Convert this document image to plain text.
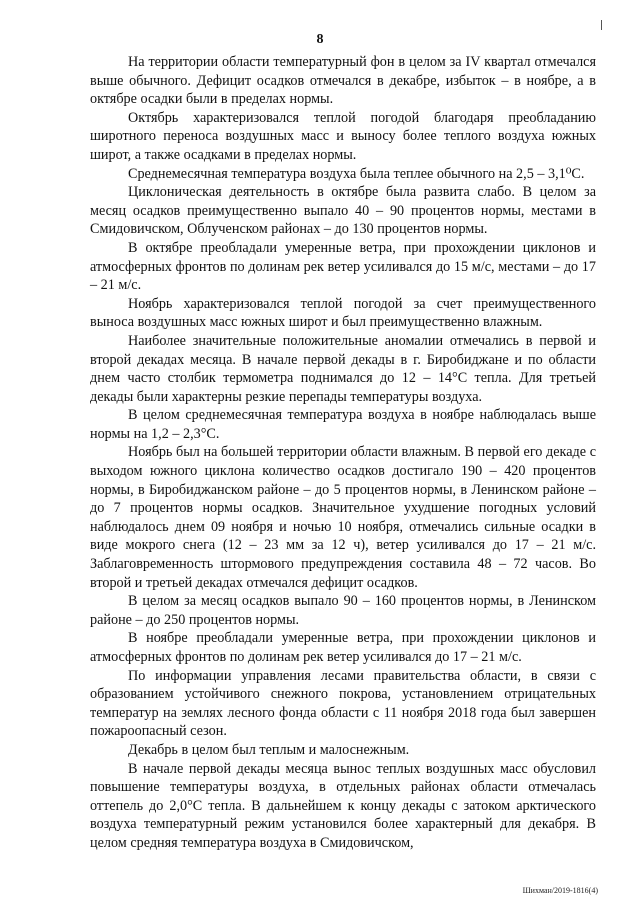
8

На территории области температурный фон в целом за IV квартал отмечался выше обычного. Дефицит осадков отмечался в декабре, избыток – в ноябре, а в октябре осадки были в пределах нормы.

Октябрь характеризовался теплой погодой благодаря преобладанию широтного переноса воздушных масс и выносу более теплого воздуха южных широт, а также осадками в пределах нормы.

Среднемесячная температура воздуха была теплее обычного на 2,5 – 3,1⁰С.

Циклоническая деятельность в октябре была развита слабо. В целом за месяц осадков преимущественно выпало 40 – 90 процентов нормы, местами в Смидовичском, Облученском районах – до 130 процентов нормы.

В октябре преобладали умеренные ветра, при прохождении циклонов и атмосферных фронтов по долинам рек ветер усиливался до 15 м/с, местами – до 17 – 21 м/с.

Ноябрь характеризовался теплой погодой за счет преимущественного выноса воздушных масс южных широт и был преимущественно влажным.

Наиболее значительные положительные аномалии отмечались в первой и второй декадах месяца. В начале первой декады в г. Биробиджане и по области днем часто столбик термометра поднимался до 12 – 14°С тепла. Для третьей декады были характерны резкие перепады температуры воздуха.

В целом среднемесячная температура воздуха в ноябре наблюдалась выше нормы на 1,2 – 2,3°С.

Ноябрь был на большей территории области влажным. В первой его декаде с выходом южного циклона количество осадков достигало 190 – 420 процентов нормы, в Биробиджанском районе – до 5 процентов нормы, в Ленинском районе – до 7 процентов нормы осадков. Значительное ухудшение погодных условий наблюдалось днем 09 ноября и ночью 10 ноября, отмечались сильные осадки в виде мокрого снега (12 – 23 мм за 12 ч), ветер усиливался до 17 – 21 м/с. Заблаговременность штормового предупреждения составила 48 – 72 часов. Во второй и третьей декадах отмечался дефицит осадков.

В целом за месяц осадков выпало 90 – 160 процентов нормы, в Ленинском районе – до 250 процентов нормы.

В ноябре преобладали умеренные ветра, при прохождении циклонов и атмосферных фронтов по долинам рек ветер усиливался до 17 – 21 м/с.

По информации управления лесами правительства области, в связи с образованием устойчивого снежного покрова, установлением отрицательных температур на землях лесного фонда области с 11 ноября 2018 года был завершен пожароопасный сезон.

Декабрь в целом был теплым и малоснежным.

В начале первой декады месяца вынос теплых воздушных масс обусловил повышение температуры воздуха, в отдельных районах области отмечалась оттепель до 2,0°С тепла. В дальнейшем к концу декады с затоком арктического воздуха температурный режим установился более характерный для декабря. В целом средняя температура воздуха в Смидовичском,

Шихман/2019-1816(4)
